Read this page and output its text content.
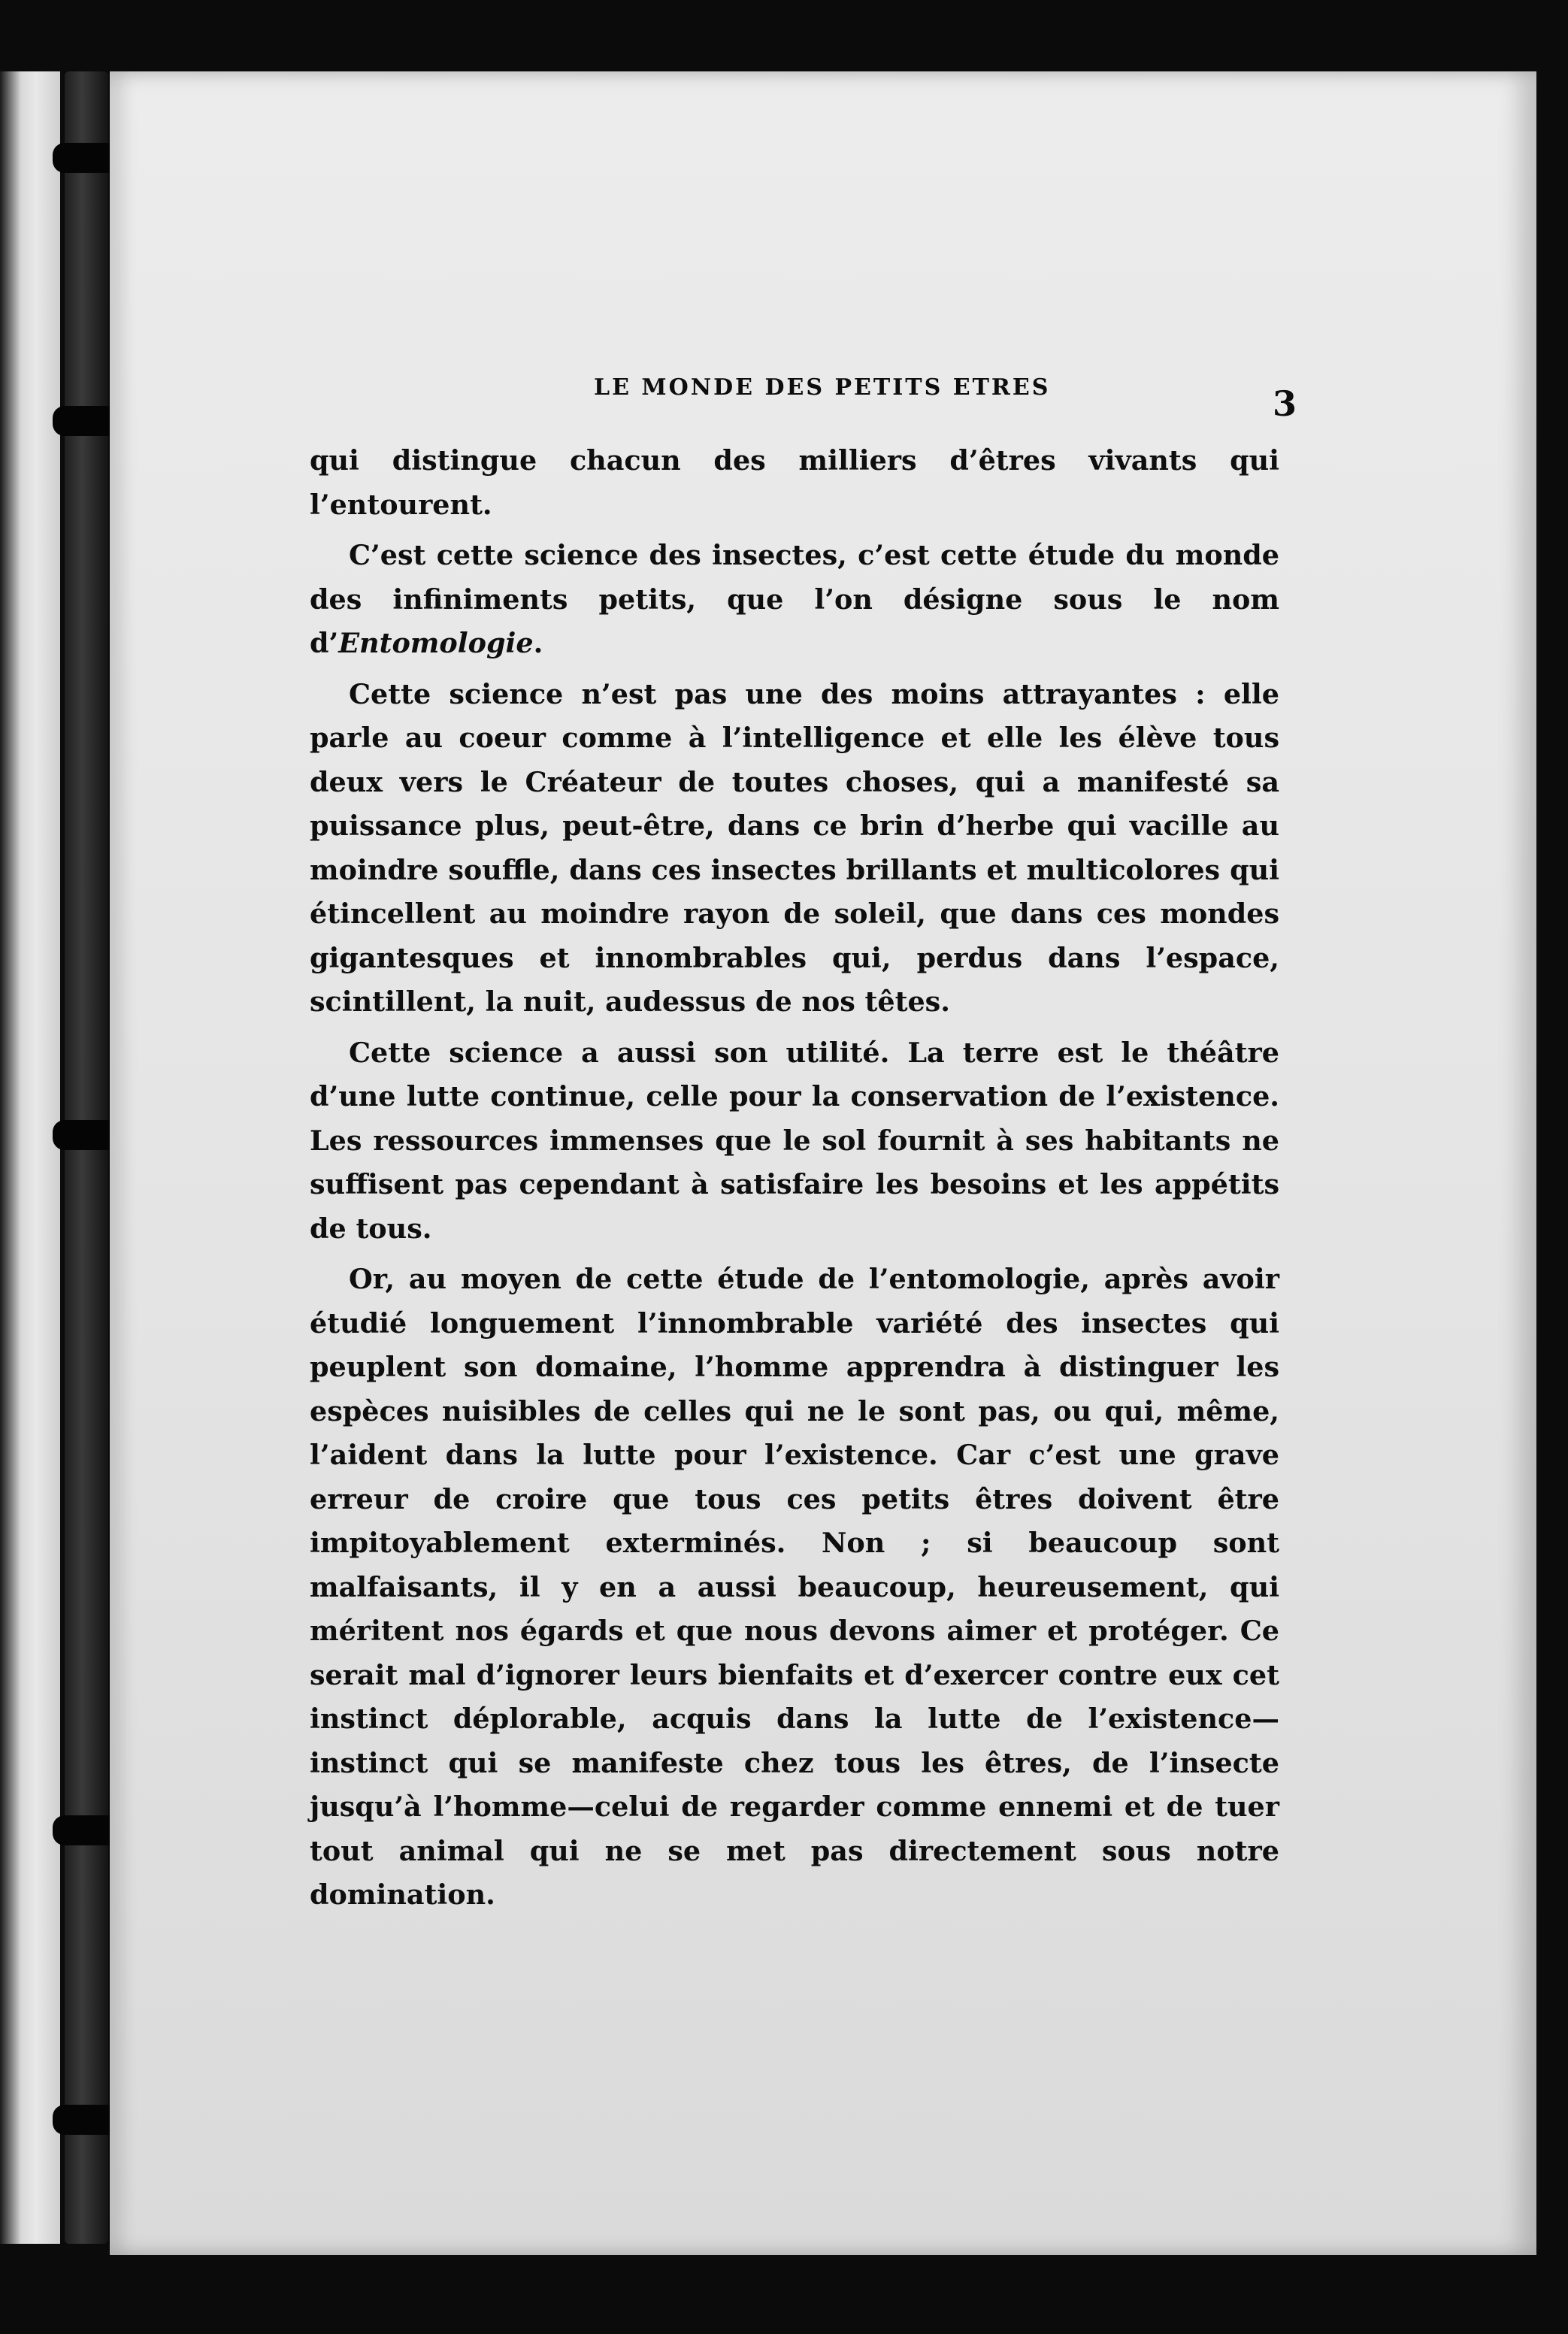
LE MONDE DES PETITS ETRES	3

qui distingue chacun des milliers d’êtres vivants qui l’entourent.

C’est cette science des insectes, c’est cette étude du monde des infiniments petits, que l’on désigne sous le nom d’Entomologie.

Cette science n’est pas une des moins attrayantes : elle parle au coeur comme à l’intelligence et elle les élève tous deux vers le Créateur de toutes choses, qui a manifesté sa puissance plus, peut-être, dans ce brin d’herbe qui vacille au moindre souffle, dans ces insectes brillants et multicolores qui étincellent au moindre rayon de soleil, que dans ces mondes gigantesques et innombrables qui, perdus dans l’espace, scintillent, la nuit, audessus de nos têtes.

Cette science a aussi son utilité. La terre est le théâtre d’une lutte continue, celle pour la conservation de l’existence. Les ressources immenses que le sol fournit à ses habitants ne suffisent pas cependant à satisfaire les besoins et les appétits de tous.

Or, au moyen de cette étude de l’entomologie, après avoir étudié longuement l’innombrable variété des insectes qui peuplent son domaine, l’homme apprendra à distinguer les espèces nuisibles de celles qui ne le sont pas, ou qui, même, l’aident dans la lutte pour l’existence. Car c’est une grave erreur de croire que tous ces petits êtres doivent être impitoyablement exterminés. Non ; si beaucoup sont malfaisants, il y en a aussi beaucoup, heureusement, qui méritent nos égards et que nous devons aimer et protéger. Ce serait mal d’ignorer leurs bienfaits et d’exercer contre eux cet instinct déplorable, acquis dans la lutte de l’existence—instinct qui se manifeste chez tous les êtres, de l’insecte jusqu’à l’homme—celui de regarder comme ennemi et de tuer tout animal qui ne se met pas directement sous notre domination.
